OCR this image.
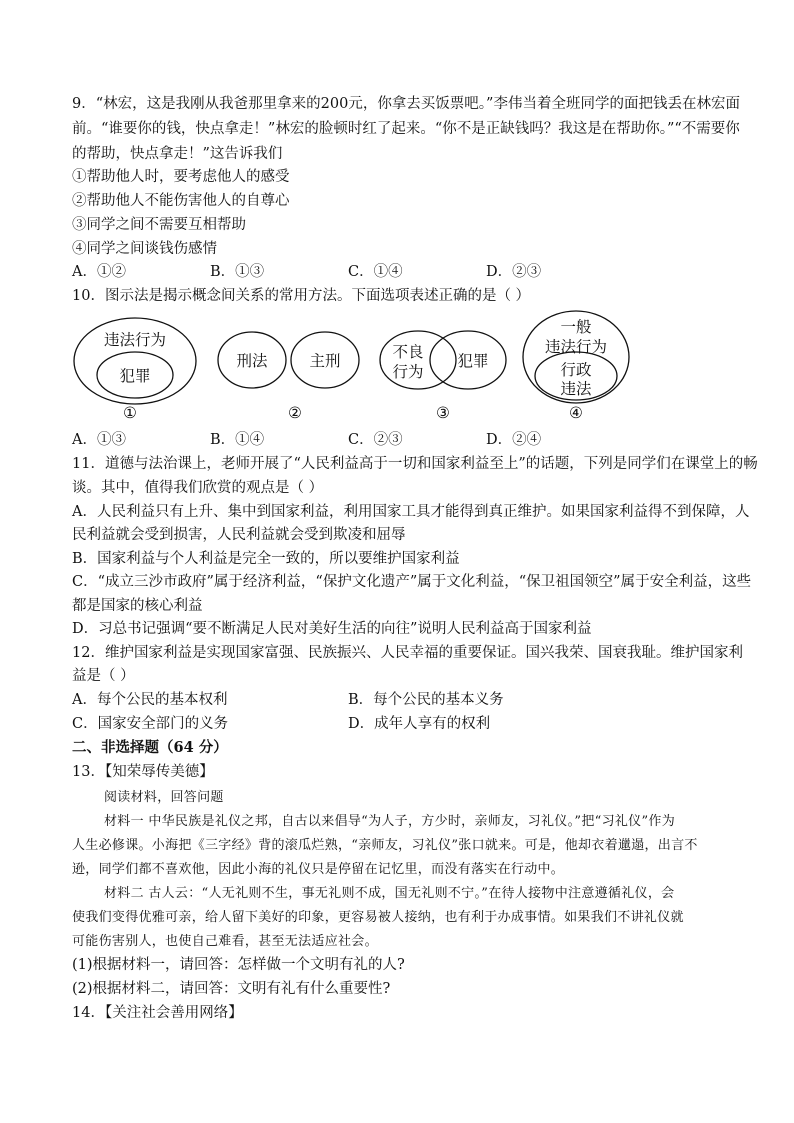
9．“林宏，这是我刚从我爸那里拿来的200元，你拿去买饭票吧。”李伟当着全班同学的面把钱丢在林宏面
前。“谁要你的钱，快点拿走！”林宏的脸顿时红了起来。“你不是正缺钱吗？我这是在帮助你。”“不需要你
的帮助，快点拿走！”这告诉我们
①帮助他人时，要考虑他人的感受
②帮助他人不能伤害他人的自尊心
③同学之间不需要互相帮助
④同学之间谈钱伤感情
A．①②	B．①③	C．①④	D．②③
10．图示法是揭示概念间关系的常用方法。下面选项表述正确的是（ ）
违法行为
犯罪
①
刑法	主刑
②
不良
行为
犯罪
③
一般
违法行为
行政
违法
④
A．①③	B．①④	C．②③	D．②④
11．道德与法治课上，老师开展了“人民利益高于一切和国家利益至上”的话题，下列是同学们在课堂上的畅
谈。其中，值得我们欣赏的观点是（ ）
A．人民利益只有上升、集中到国家利益，利用国家工具才能得到真正维护。如果国家利益得不到保障，人
民利益就会受到损害，人民利益就会受到欺凌和屈辱
B．国家利益与个人利益是完全一致的，所以要维护国家利益
C．“成立三沙市政府”属于经济利益，“保护文化遗产”属于文化利益，“保卫祖国领空”属于安全利益，这些
都是国家的核心利益
D．习总书记强调“要不断满足人民对美好生活的向往”说明人民利益高于国家利益
12．维护国家利益是实现国家富强、民族振兴、人民幸福的重要保证。国兴我荣、国衰我耻。维护国家利
益是（ ）
A．每个公民的基本权利	B．每个公民的基本义务
C．国家安全部门的义务	D．成年人享有的权利
二、非选择题（64 分）
13．【知荣辱传美德】
阅读材料，回答问题
材料一 中华民族是礼仪之邦，自古以来倡导“为人子，方少时，亲师友，习礼仪。”把“习礼仪”作为
人生必修课。小海把《三字经》背的滚瓜烂熟，“亲师友，习礼仪”张口就来。可是，他却衣着邋遢，出言不
逊，同学们都不喜欢他，因此小海的礼仪只是停留在记忆里，而没有落实在行动中。
材料二 古人云：“人无礼则不生，事无礼则不成，国无礼则不宁。”在待人接物中注意遵循礼仪，会
使我们变得优雅可亲，给人留下美好的印象，更容易被人接纳，也有利于办成事情。如果我们不讲礼仪就
可能伤害别人，也使自己难看，甚至无法适应社会。
(1)根据材料一，请回答：怎样做一个文明有礼的人?
(2)根据材料二，请回答：文明有礼有什么重要性?
14．【关注社会善用网络】
